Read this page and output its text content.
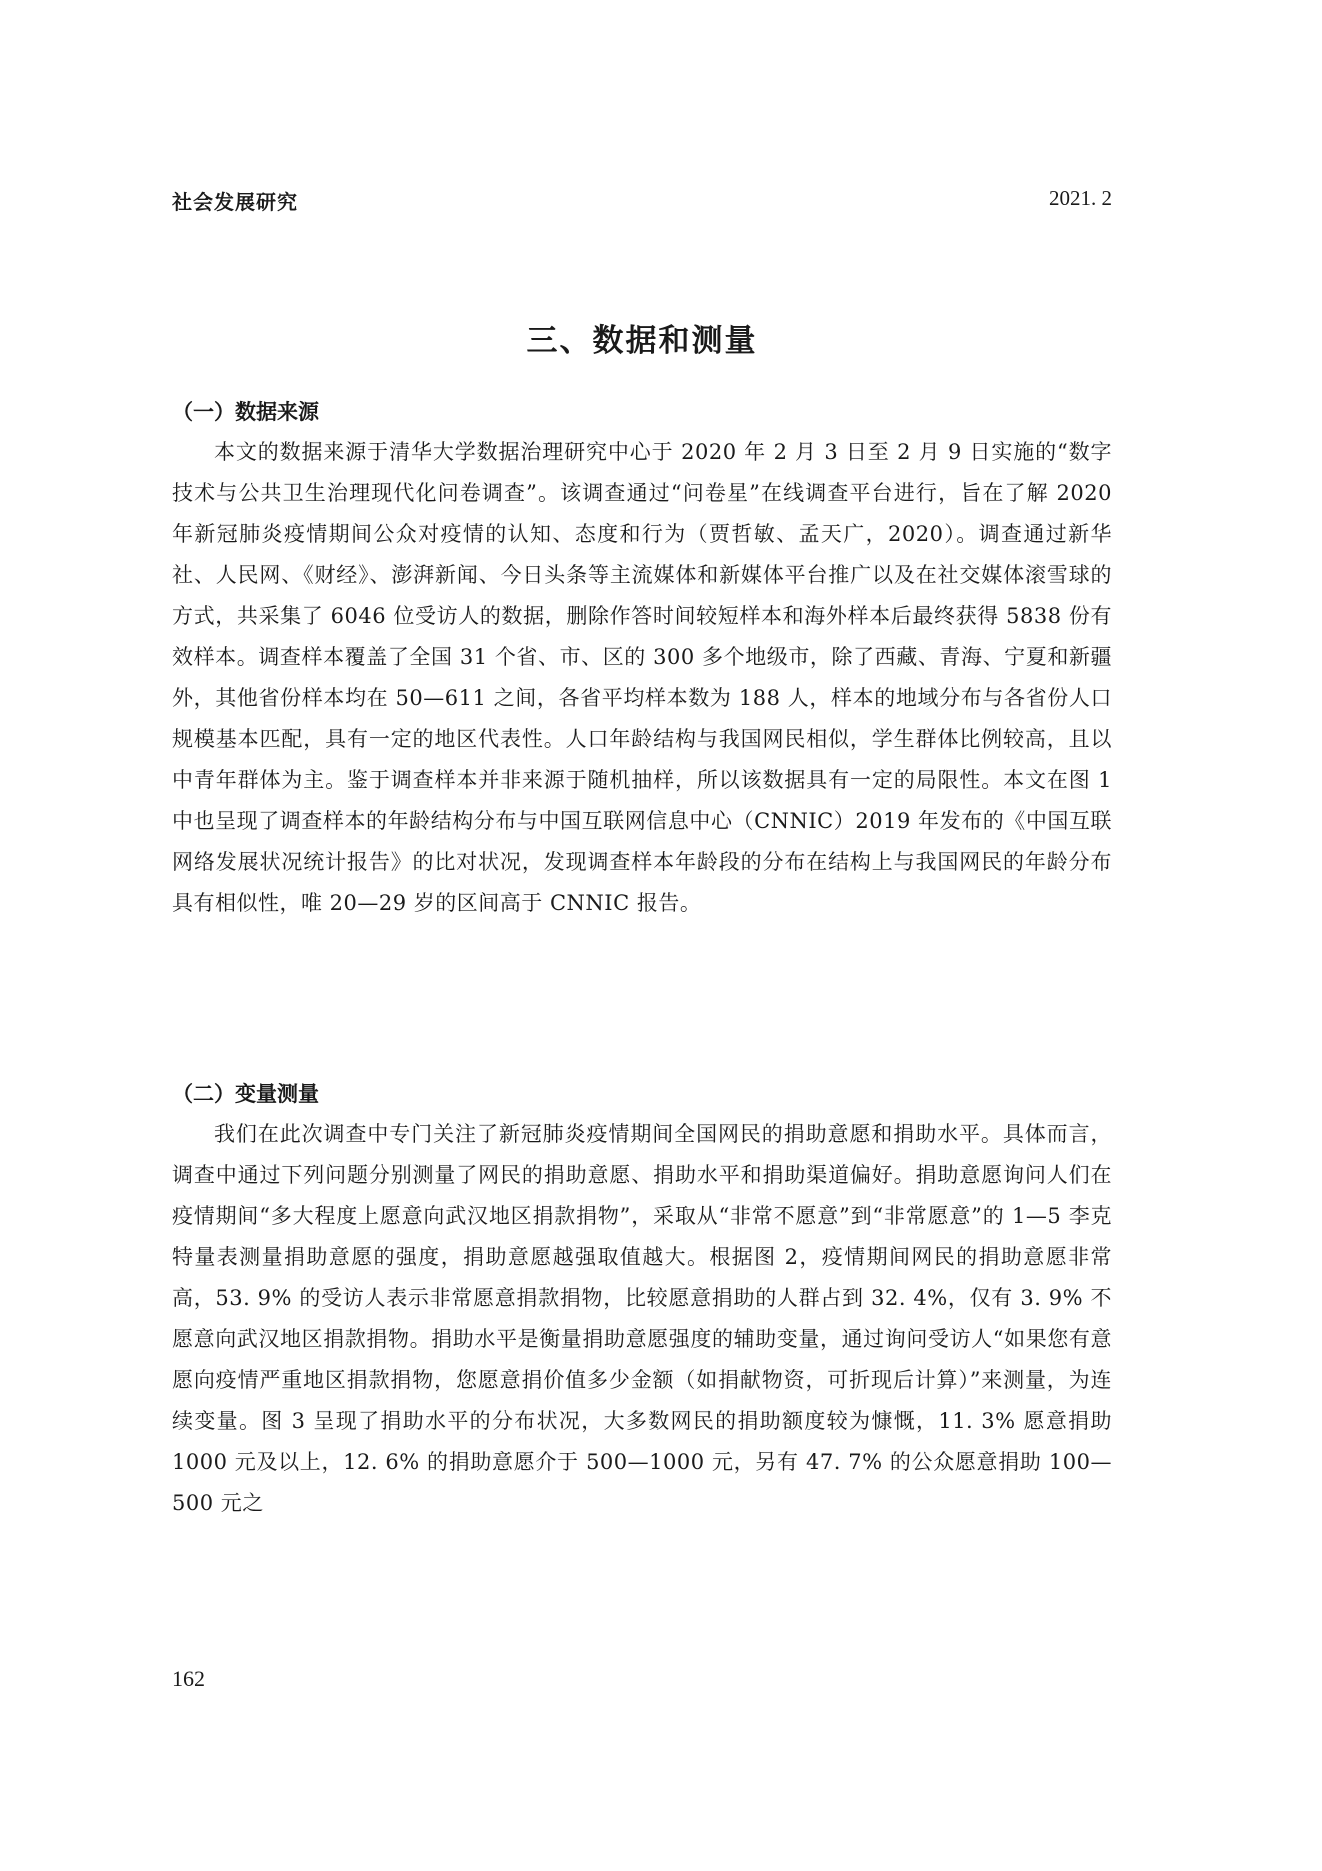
社会发展研究	2021. 2
三、数据和测量
（一）数据来源

本文的数据来源于清华大学数据治理研究中心于 2020 年 2 月 3 日至 2 月 9 日实施的“数字技术与公共卫生治理现代化问卷调查”。该调查通过“问卷星”在线调查平台进行，旨在了解 2020 年新冠肺炎疫情期间公众对疫情的认知、态度和行为（贾哲敏、孟天广，2020）。调查通过新华社、人民网、《财经》、澎湃新闻、今日头条等主流媒体和新媒体平台推广以及在社交媒体滚雪球的方式，共采集了 6046 位受访人的数据，删除作答时间较短样本和海外样本后最终获得 5838 份有效样本。调查样本覆盖了全国 31 个省、市、区的 300 多个地级市，除了西藏、青海、宁夏和新疆外，其他省份样本均在 50—611 之间，各省平均样本数为 188 人，样本的地域分布与各省份人口规模基本匹配，具有一定的地区代表性。人口年龄结构与我国网民相似，学生群体比例较高，且以中青年群体为主。鉴于调查样本并非来源于随机抽样，所以该数据具有一定的局限性。本文在图 1 中也呈现了调查样本的年龄结构分布与中国互联网信息中心（CNNIC）2019 年发布的《中国互联网络发展状况统计报告》的比对状况，发现调查样本年龄段的分布在结构上与我国网民的年龄分布具有相似性，唯 20—29 岁的区间高于 CNNIC 报告。

（二）变量测量

我们在此次调查中专门关注了新冠肺炎疫情期间全国网民的捐助意愿和捐助水平。具体而言，调查中通过下列问题分别测量了网民的捐助意愿、捐助水平和捐助渠道偏好。捐助意愿询问人们在疫情期间“多大程度上愿意向武汉地区捐款捐物”，采取从“非常不愿意”到“非常愿意”的 1—5 李克特量表测量捐助意愿的强度，捐助意愿越强取值越大。根据图 2，疫情期间网民的捐助意愿非常高，53. 9% 的受访人表示非常愿意捐款捐物，比较愿意捐助的人群占到 32. 4%，仅有 3. 9% 不愿意向武汉地区捐款捐物。捐助水平是衡量捐助意愿强度的辅助变量，通过询问受访人“如果您有意愿向疫情严重地区捐款捐物，您愿意捐价值多少金额（如捐献物资，可折现后计算）”来测量，为连续变量。图 3 呈现了捐助水平的分布状况，大多数网民的捐助额度较为慷慨，11. 3% 愿意捐助 1000 元及以上，12. 6% 的捐助意愿介于 500—1000 元，另有 47. 7% 的公众愿意捐助 100—500 元之

162
